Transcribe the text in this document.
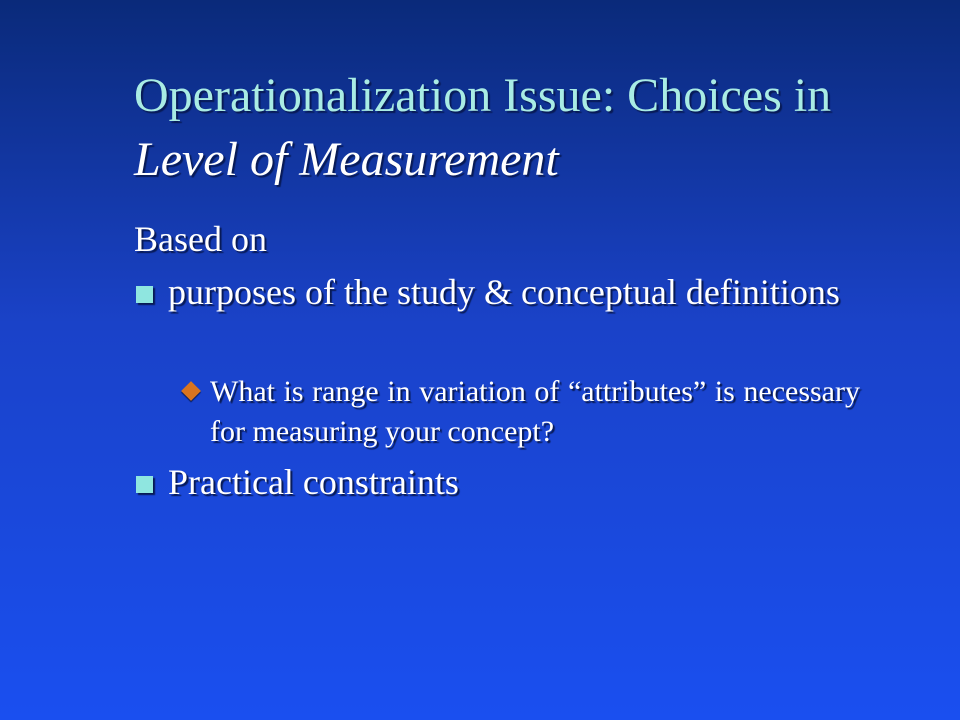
Operationalization Issue: Choices in
Level of Measurement
Based on
purposes of the study & conceptual definitions
What is range in variation of “attributes” is necessary for measuring your concept?
Practical constraints
